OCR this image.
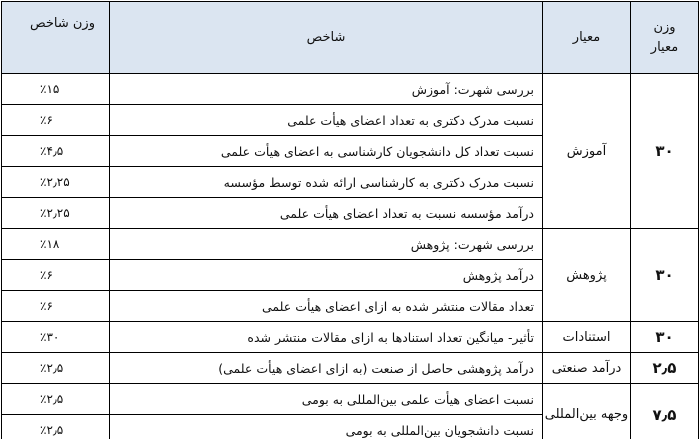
وزن
معیار	معیار	شاخص	وزن شاخص
۳۰	آموزش	بررسی شهرت: آموزش	٪۱۵
		نسبت مدرک دکتری به تعداد اعضای هیأت علمی	٪۶
		نسبت تعداد کل دانشجویان کارشناسی به اعضای هیأت علمی	٪۴٫۵
		نسبت مدرک دکتری به کارشناسی ارائه شده توسط مؤسسه	٪۲٫۲۵
		درآمد مؤسسه نسبت به تعداد اعضای هیأت علمی	٪۲٫۲۵
۳۰	پژوهش	بررسی شهرت: پژوهش	٪۱۸
		درآمد پژوهش	٪۶
		تعداد مقالات منتشر شده به ازای اعضای هیأت علمی	٪۶
۳۰	استنادات	تأثیر- میانگین تعداد استنادها به ازای مقالات منتشر شده	٪۳۰
۲٫۵	درآمد صنعتی	درآمد پژوهشی حاصل از صنعت (به ازای اعضای هیأت علمی)	٪۲٫۵
۷٫۵	وجهه بین‌المللی	نسبت اعضای هیأت علمی بین‌المللی به بومی	٪۲٫۵
		نسبت دانشجویان بین‌المللی به بومی	٪۲٫۵
